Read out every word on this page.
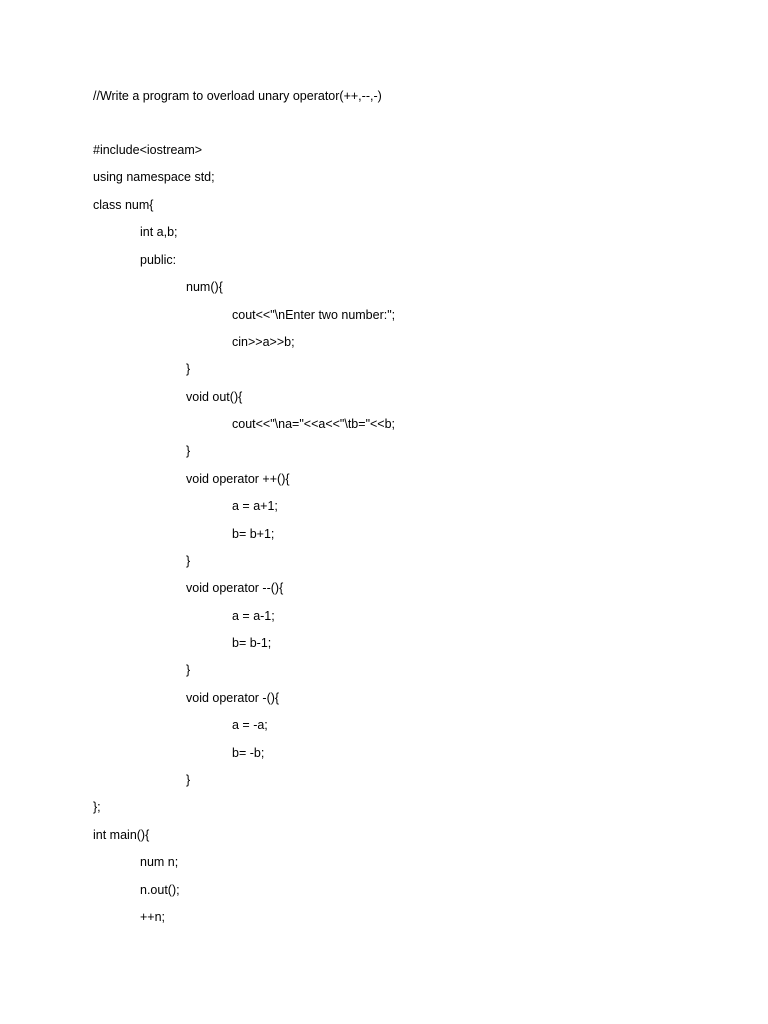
//Write a program to overload unary operator(++,--,-)
#include<iostream>
using namespace std;
class num{
int a,b;
public:
num(){
cout<<"\nEnter two number:";
cin>>a>>b;
}
void out(){
cout<<"\na="<<a<<"\tb="<<b;
}
void operator ++(){
a = a+1;
b= b+1;
}
void operator --(){
a = a-1;
b= b-1;
}
void operator -(){
a = -a;
b= -b;
}
};
int main(){
num n;
n.out();
++n;
